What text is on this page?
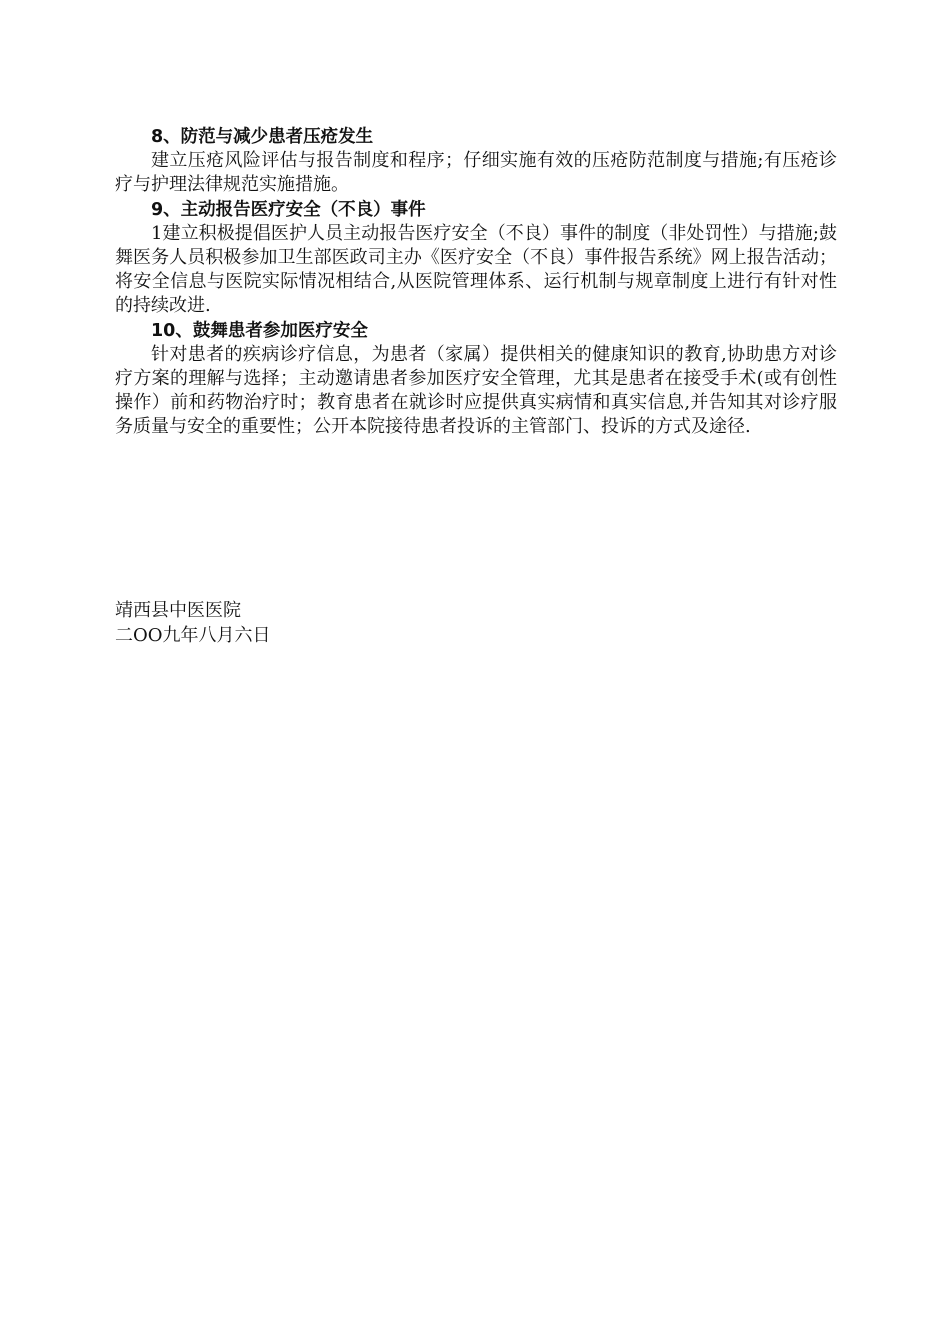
8、防范与减少患者压疮发生

建立压疮风险评估与报告制度和程序；仔细实施有效的压疮防范制度与措施;有压疮诊疗与护理法律规范实施措施。

9、主动报告医疗安全（不良）事件

1建立积极提倡医护人员主动报告医疗安全（不良）事件的制度（非处罚性）与措施;鼓舞医务人员积极参加卫生部医政司主办《医疗安全（不良）事件报告系统》网上报告活动；将安全信息与医院实际情况相结合,从医院管理体系、运行机制与规章制度上进行有针对性的持续改进.

10、鼓舞患者参加医疗安全

针对患者的疾病诊疗信息，为患者（家属）提供相关的健康知识的教育,协助患方对诊疗方案的理解与选择；主动邀请患者参加医疗安全管理，尤其是患者在接受手术(或有创性操作）前和药物治疗时；教育患者在就诊时应提供真实病情和真实信息,并告知其对诊疗服务质量与安全的重要性；公开本院接待患者投诉的主管部门、投诉的方式及途径.

靖西县中医医院
二OO九年八月六日
